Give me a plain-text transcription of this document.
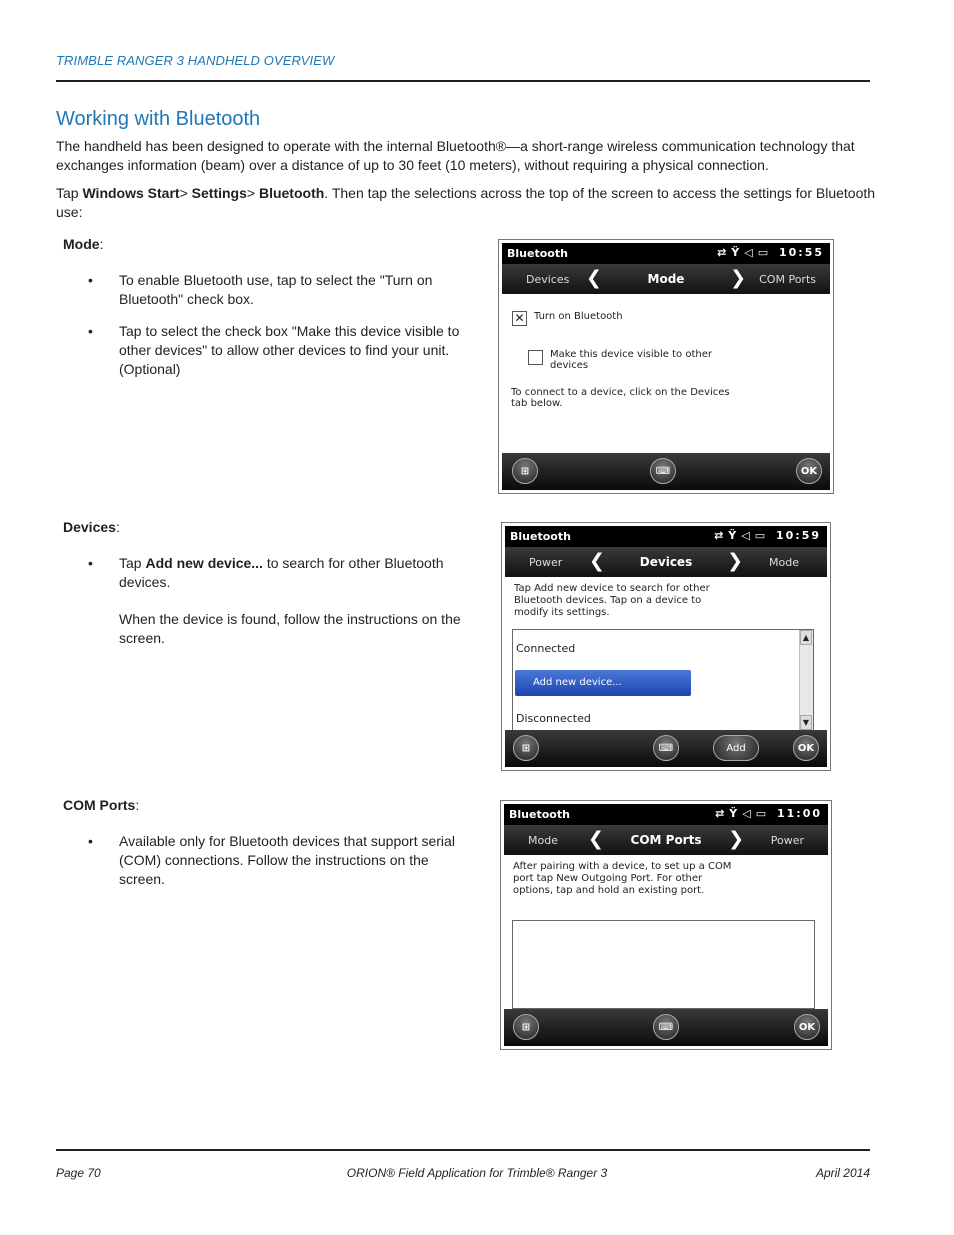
TRIMBLE RANGER 3 HANDHELD OVERVIEW
Working with Bluetooth
The handheld has been designed to operate with the internal Bluetooth®—a short-range wireless communication technology that exchanges information (beam) over a distance of up to 30 feet (10 meters), without requiring a physical connection.
Tap Windows Start> Settings> Bluetooth. Then tap the selections across the top of the screen to access the settings for Bluetooth use:
Mode:
• To enable Bluetooth use, tap to select the "Turn on Bluetooth" check box.
• Tap to select the check box "Make this device visible to other devices" to allow other devices to find your unit. (Optional)
Bluetooth	⇄ Ÿ ◁ ▭ 10:55
Devices ❮	Mode	❯ COM Ports
✕ Turn on Bluetooth
Make this device visible to other
devices
To connect to a device, click on the Devices
tab below.
⊞	⌨	OK
Devices:
• Tap Add new device... to search for other Bluetooth devices.
When the device is found, follow the instructions on the screen.
Bluetooth	⇄ Ÿ ◁ ▭ 10:59
Power ❮	Devices	❯ Mode
Tap Add new device to search for other
Bluetooth devices. Tap on a device to
modify its settings.
Connected
Add new device...
Disconnected
▲
▼
⊞	⌨	Add	OK
COM Ports:
• Available only for Bluetooth devices that support serial (COM) connections. Follow the instructions on the screen.
Bluetooth	⇄ Ÿ ◁ ▭ 11:00
Mode ❮	COM Ports	❯ Power
After pairing with a device, to set up a COM
port tap New Outgoing Port. For other
options, tap and hold an existing port.
⊞	⌨	OK
Page 70	ORION® Field Application for Trimble® Ranger 3	April 2014
